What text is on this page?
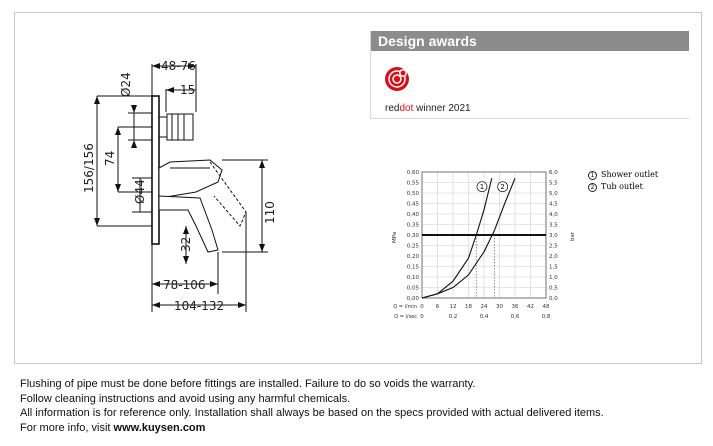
48-76
15
156/156 74
Ø24
Ø44
110
32
78-106
104-132
Design awards
reddot winner 2021
0,60	6,0
0,55	5,5
0,50	5,0
0,45	4,5
0,40	4,0
0,35	3,5
0,30	3,0
0,25	2,5
0,20	2,0
0,15	1,5
0,10	1,0
0,05	0,5
0,00	0,0
0 6 12 18 24 30 36 42 48
0	0,2	0,4	0,6	0,8
Q = l/min
Q = l/sec
MPa	bar
1 2
1 Shower outlet
2 Tub outlet

Flushing of pipe must be done before fittings are installed. Failure to do so voids the warranty.

Follow cleaning instructions and avoid using any harmful chemicals.

All information is for reference only. Installation shall always be based on the specs provided with actual delivered items.

For more info, visit www.kuysen.com
